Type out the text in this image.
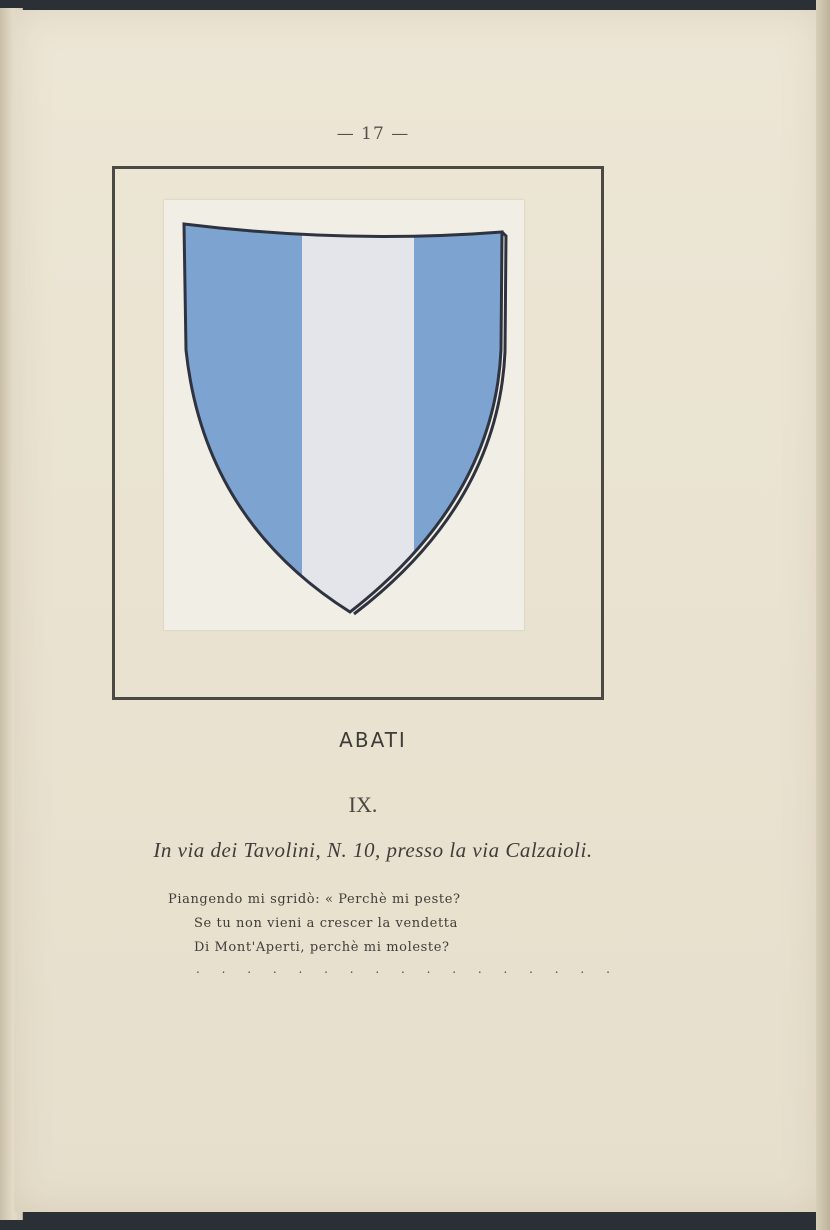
— 17 —
ABATI
IX.
In via dei Tavolini, N. 10, presso la via Calzaioli.
Piangendo mi sgridò: « Perchè mi peste?
Se tu non vieni a crescer la vendetta
Di Mont'Aperti, perchè mi moleste?
. . . . . . . . . . . . . . . . .
